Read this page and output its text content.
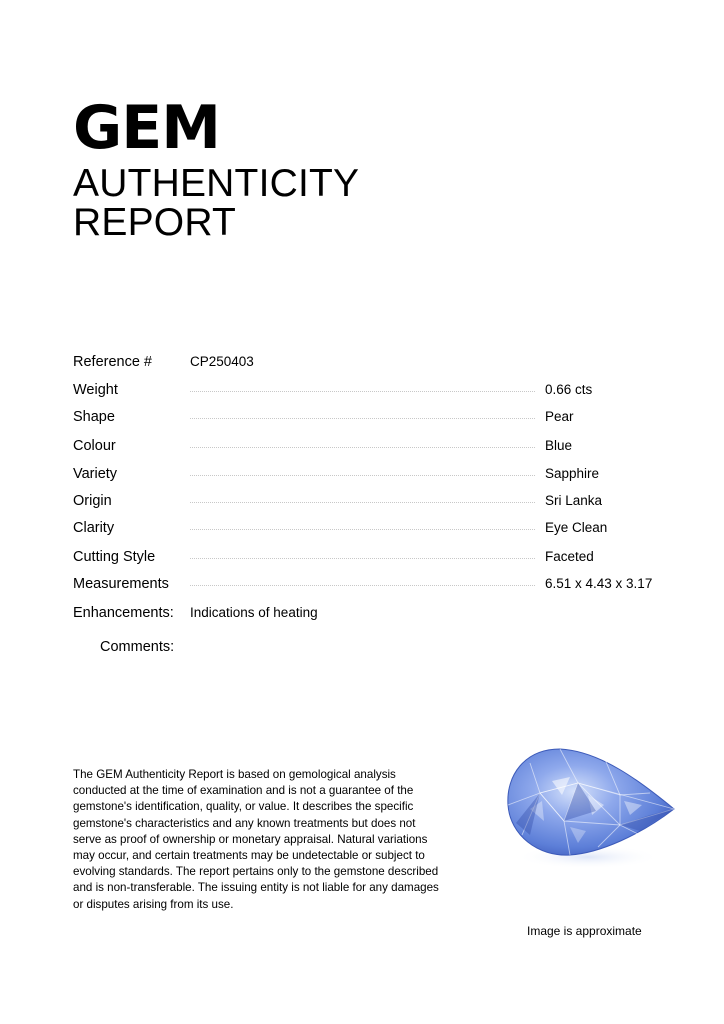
GEM
AUTHENTICITY
REPORT
Reference #	CP250403
Weight	0.66 cts
Shape	Pear
Colour	Blue
Variety	Sapphire
Origin	Sri Lanka
Clarity	Eye Clean
Cutting Style	Faceted
Measurements	6.51 x 4.43 x 3.17
Enhancements: Indications of heating
Comments:

The GEM Authenticity Report is based on gemological analysis conducted at the time of examination and is not a guarantee of the gemstone's identification, quality, or value. It describes the specific gemstone's characteristics and any known treatments but does not serve as proof of ownership or monetary appraisal. Natural variations may occur, and certain treatments may be undetectable or subject to evolving standards. The report pertains only to the gemstone described and is non-transferable. The issuing entity is not liable for any damages or disputes arising from its use.

Image is approximate
